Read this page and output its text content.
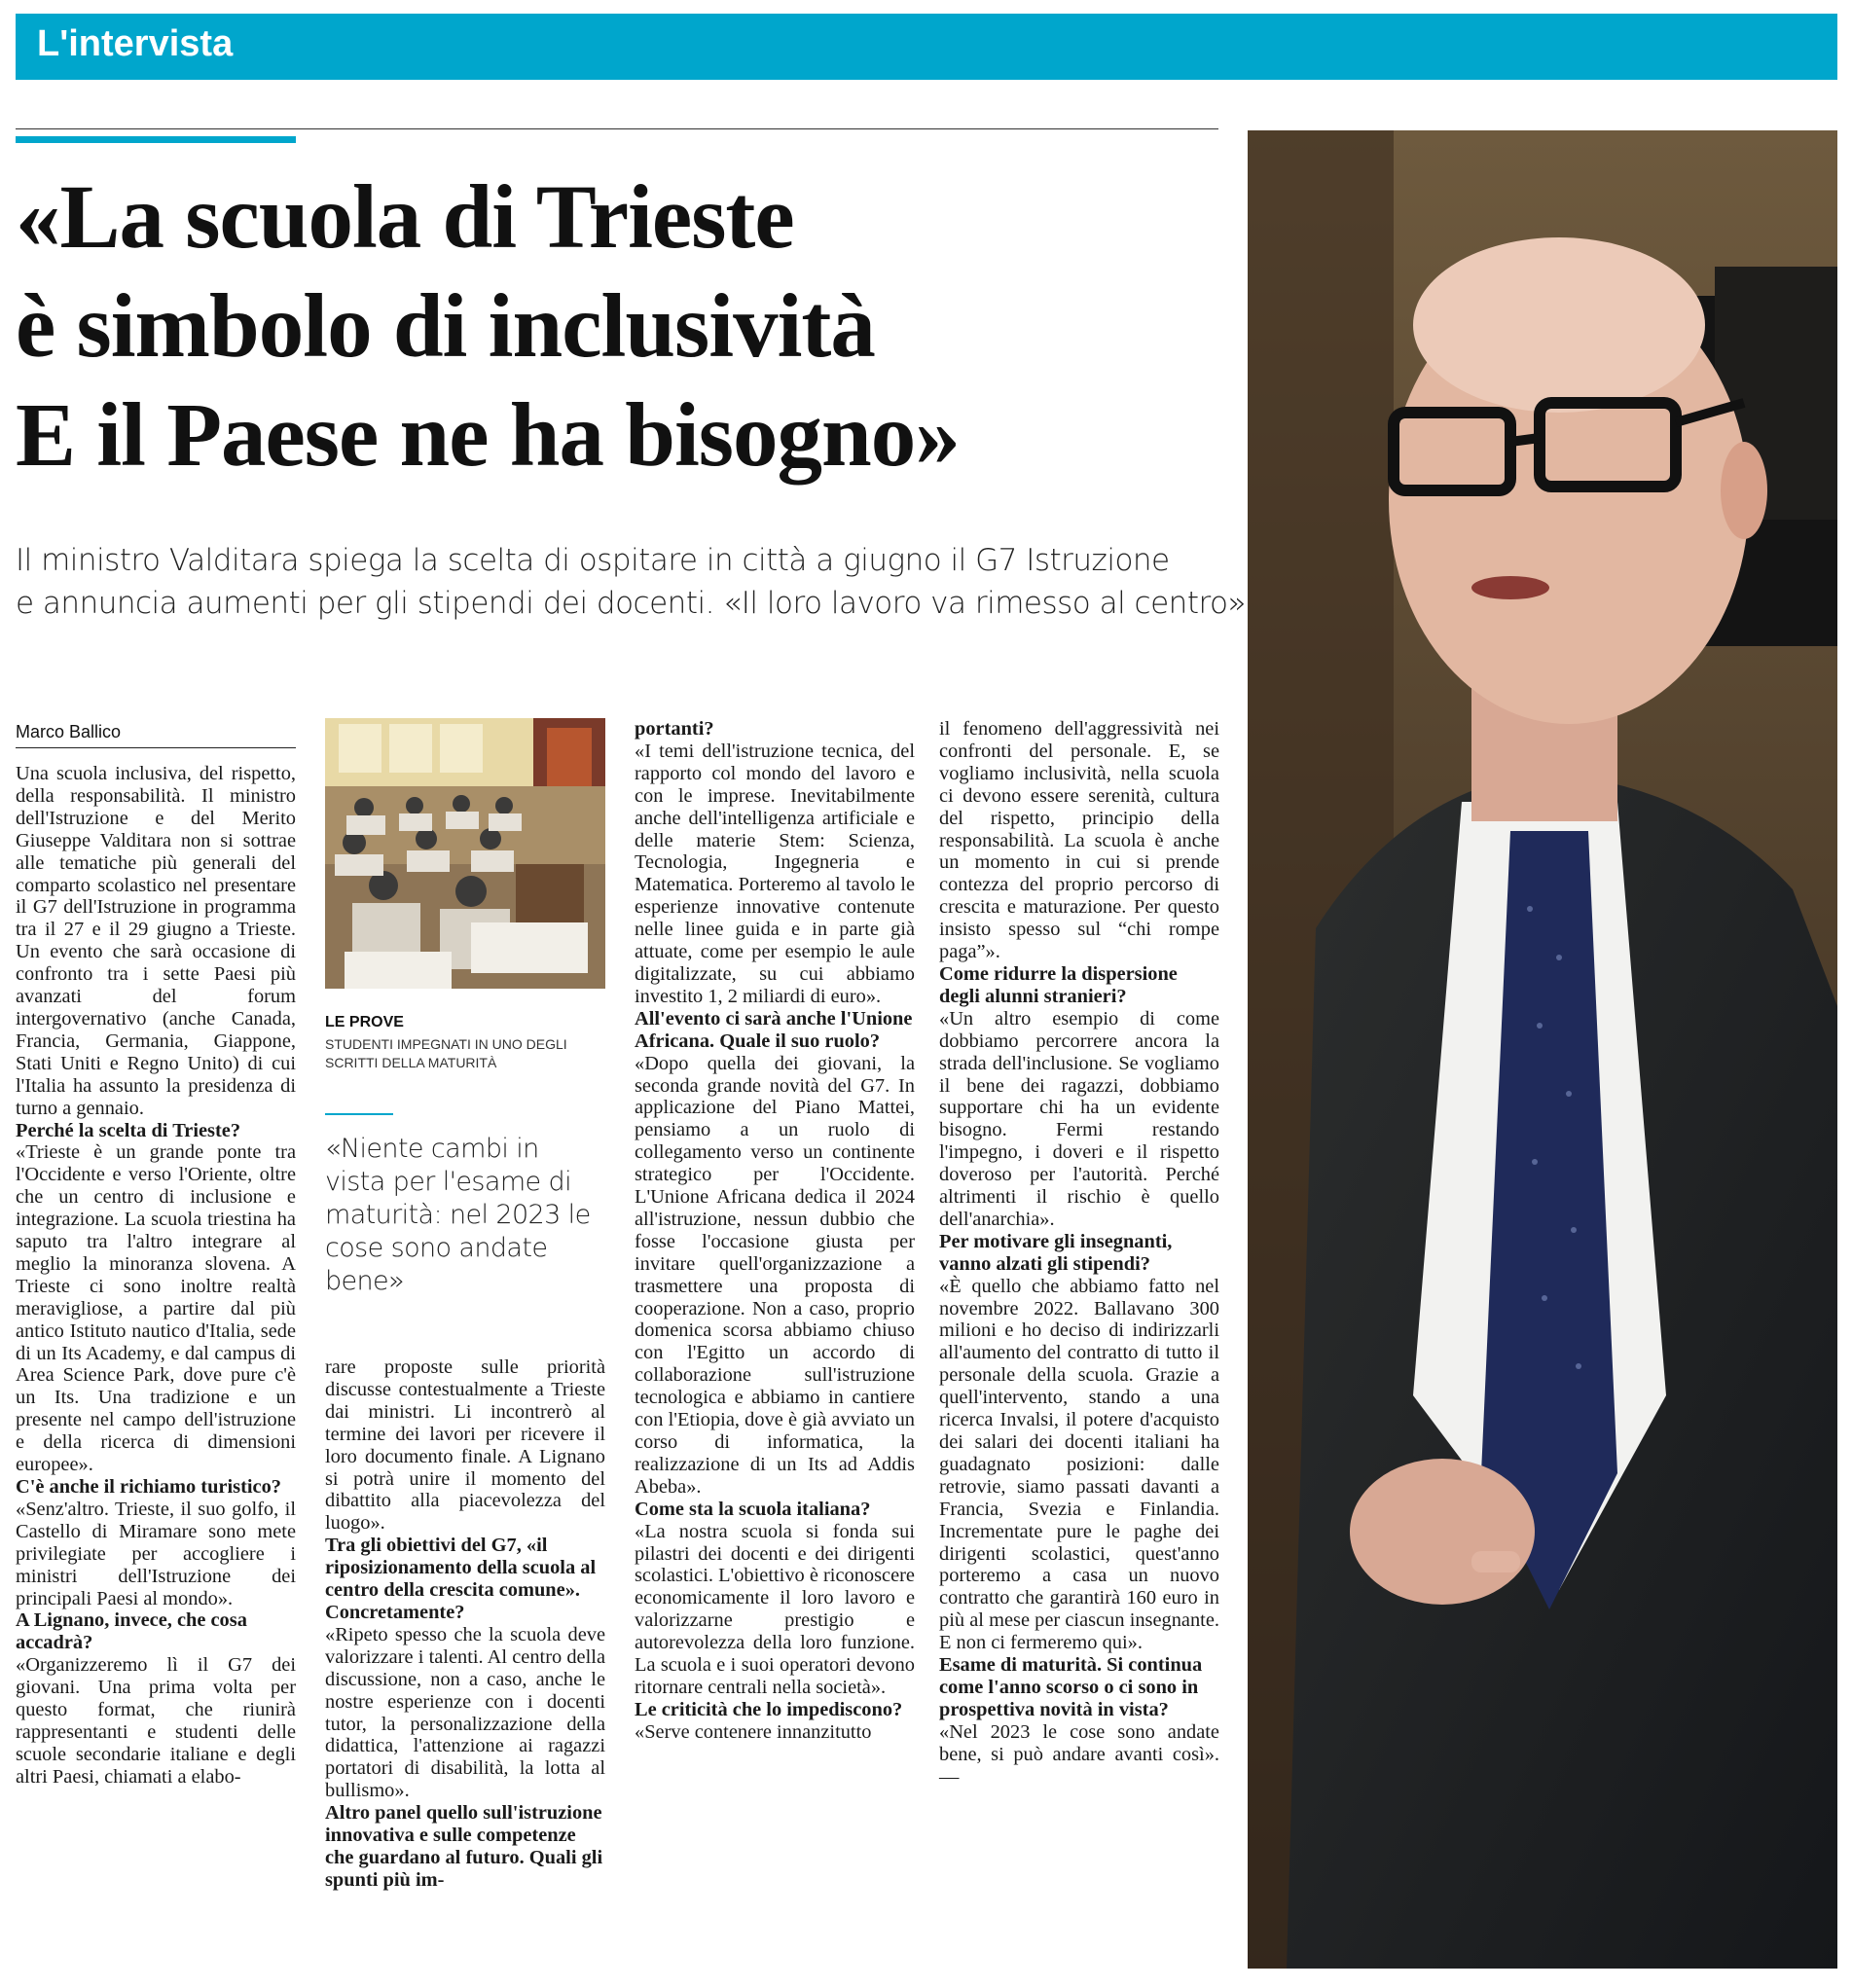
L'intervista
«La scuola di Trieste
è simbolo di inclusività
E il Paese ne ha bisogno»
Il ministro Valditara spiega la scelta di ospitare in città a giugno il G7 Istruzione
e annuncia aumenti per gli stipendi dei docenti. «Il loro lavoro va rimesso al centro»
Marco Ballico
LE PROVE
STUDENTI IMPEGNATI IN UNO DEGLI SCRITTI DELLA MATURITÀ
«Niente cambi in vista per l'esame di maturità: nel 2023 le cose sono andate bene»

Una scuola inclusiva, del rispetto, della responsabilità. Il ministro dell'Istruzione e del Merito Giuseppe Valditara non si sottrae alle tematiche più generali del comparto scolastico nel presentare il G7 dell'Istruzione in programma tra il 27 e il 29 giugno a Trieste. Un evento che sarà occasione di confronto tra i sette Paesi più avanzati del forum intergovernativo (anche Canada, Francia, Germania, Giappone, Stati Uniti e Regno Unito) di cui l'Italia ha assunto la presidenza di turno a gennaio.

Perché la scelta di Trieste?

«Trieste è un grande ponte tra l'Occidente e verso l'Oriente, oltre che un centro di inclusione e integrazione. La scuola triestina ha saputo tra l'altro integrare al meglio la minoranza slovena. A Trieste ci sono inoltre realtà meravigliose, a partire dal più antico Istituto nautico d'Italia, sede di un Its Academy, e dal campus di Area Science Park, dove pure c'è un Its. Una tradizione e un presente nel campo dell'istruzione e della ricerca di dimensioni europee».

C'è anche il richiamo turistico?

«Senz'altro. Trieste, il suo golfo, il Castello di Miramare sono mete privilegiate per accogliere i ministri dell'Istruzione dei principali Paesi al mondo».

A Lignano, invece, che cosa accadrà?

«Organizzeremo lì il G7 dei giovani. Una prima volta per questo format, che riunirà rappresentanti e studenti delle scuole secondarie italiane e degli altri Paesi, chiamati a elabo-

rare proposte sulle priorità discusse contestualmente a Trieste dai ministri. Li incontrerò al termine dei lavori per ricevere il loro documento finale. A Lignano si potrà unire il momento del dibattito alla piacevolezza del luogo».

Tra gli obiettivi del G7, «il riposizionamento della scuola al centro della crescita comune». Concretamente?

«Ripeto spesso che la scuola deve valorizzare i talenti. Al centro della discussione, non a caso, anche le nostre esperienze con i docenti tutor, la personalizzazione della didattica, l'attenzione ai ragazzi portatori di disabilità, la lotta al bullismo».

Altro panel quello sull'istruzione innovativa e sulle competenze che guardano al futuro. Quali gli spunti più im-

portanti?

«I temi dell'istruzione tecnica, del rapporto col mondo del lavoro e con le imprese. Inevitabilmente anche dell'intelligenza artificiale e delle materie Stem: Scienza, Tecnologia, Ingegneria e Matematica. Porteremo al tavolo le esperienze innovative contenute nelle linee guida e in parte già attuate, come per esempio le aule digitalizzate, su cui abbiamo investito 1, 2 miliardi di euro».

All'evento ci sarà anche l'Unione Africana. Quale il suo ruolo?

«Dopo quella dei giovani, la seconda grande novità del G7. In applicazione del Piano Mattei, pensiamo a un ruolo di collegamento verso un continente strategico per l'Occidente. L'Unione Africana dedica il 2024 all'istruzione, nessun dubbio che fosse l'occasione giusta per invitare quell'organizzazione a trasmettere una proposta di cooperazione. Non a caso, proprio domenica scorsa abbiamo chiuso con l'Egitto un accordo di collaborazione sull'istruzione tecnologica e abbiamo in cantiere con l'Etiopia, dove è già avviato un corso di informatica, la realizzazione di un Its ad Addis Abeba».

Come sta la scuola italiana?

«La nostra scuola si fonda sui pilastri dei docenti e dei dirigenti scolastici. L'obiettivo è riconoscere economicamente il loro lavoro e valorizzarne prestigio e autorevolezza della loro funzione. La scuola e i suoi operatori devono ritornare centrali nella società».

Le criticità che lo impediscono?

«Serve contenere innanzitutto

il fenomeno dell'aggressività nei confronti del personale. E, se vogliamo inclusività, nella scuola ci devono essere serenità, cultura del rispetto, principio della responsabilità. La scuola è anche un momento in cui si prende contezza del proprio percorso di crescita e maturazione. Per questo insisto spesso sul “chi rompe paga”».

Come ridurre la dispersione degli alunni stranieri?

«Un altro esempio di come dobbiamo percorrere ancora la strada dell'inclusione. Se vogliamo il bene dei ragazzi, dobbiamo supportare chi ha un evidente bisogno. Fermi restando l'impegno, i doveri e il rispetto doveroso per l'autorità. Perché altrimenti il rischio è quello dell'anarchia».

Per motivare gli insegnanti, vanno alzati gli stipendi?

«È quello che abbiamo fatto nel novembre 2022. Ballavano 300 milioni e ho deciso di indirizzarli all'aumento del contratto di tutto il personale della scuola. Grazie a quell'intervento, stando a una ricerca Invalsi, il potere d'acquisto dei salari dei docenti italiani ha guadagnato posizioni: dalle retrovie, siamo passati davanti a Francia, Svezia e Finlandia. Incrementate pure le paghe dei dirigenti scolastici, quest'anno porteremo a casa un nuovo contratto che garantirà 160 euro in più al mese per ciascun insegnante. E non ci fermeremo qui».

Esame di maturità. Si continua come l'anno scorso o ci sono in prospettiva novità in vista?

«Nel 2023 le cose sono andate bene, si può andare avanti così». —
